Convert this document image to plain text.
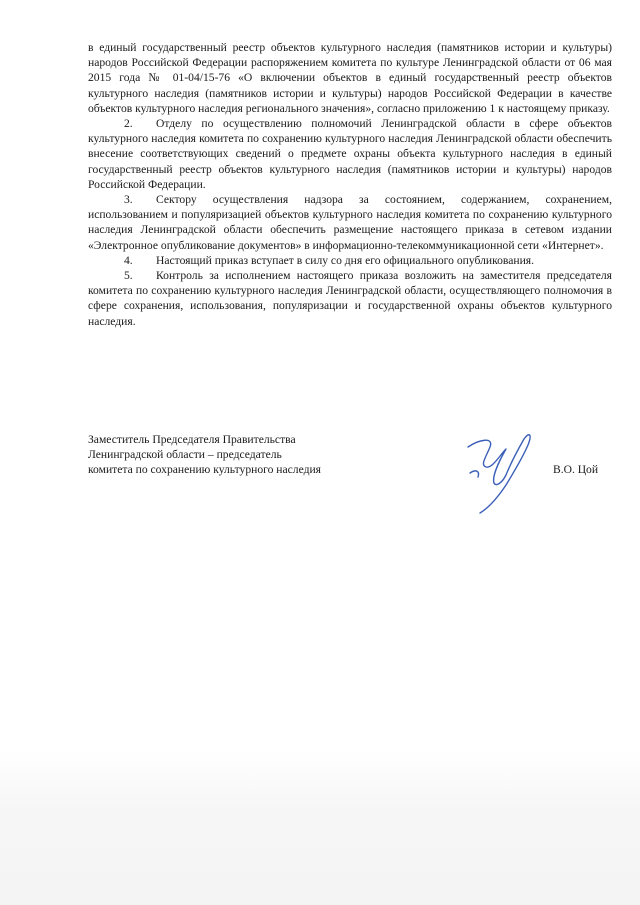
в единый государственный реестр объектов культурного наследия (памятников истории и культуры) народов Российской Федерации распоряжением комитета по культуре Ленинградской области от 06 мая 2015 года № 01-04/15-76 «О включении объектов в единый государственный реестр объектов культурного наследия (памятников истории и культуры) народов Российской Федерации в качестве объектов культурного наследия регионального значения», согласно приложению 1 к настоящему приказу.

2. Отделу по осуществлению полномочий Ленинградской области в сфере объектов культурного наследия комитета по сохранению культурного наследия Ленинградской области обеспечить внесение соответствующих сведений о предмете охраны объекта культурного наследия в единый государственный реестр объектов культурного наследия (памятников истории и культуры) народов Российской Федерации.

3. Сектору осуществления надзора за состоянием, содержанием, сохранением, использованием и популяризацией объектов культурного наследия комитета по сохранению культурного наследия Ленинградской области обеспечить размещение настоящего приказа в сетевом издании «Электронное опубликование документов» в информационно-телекоммуникационной сети «Интернет».

4. Настоящий приказ вступает в силу со дня его официального опубликования.

5. Контроль за исполнением настоящего приказа возложить на заместителя председателя комитета по сохранению культурного наследия Ленинградской области, осуществляющего полномочия в сфере сохранения, использования, популяризации и государственной охраны объектов культурного наследия.

Заместитель Председателя Правительства
Ленинградской области – председатель
комитета по сохранению культурного наследия	В.О. Цой
